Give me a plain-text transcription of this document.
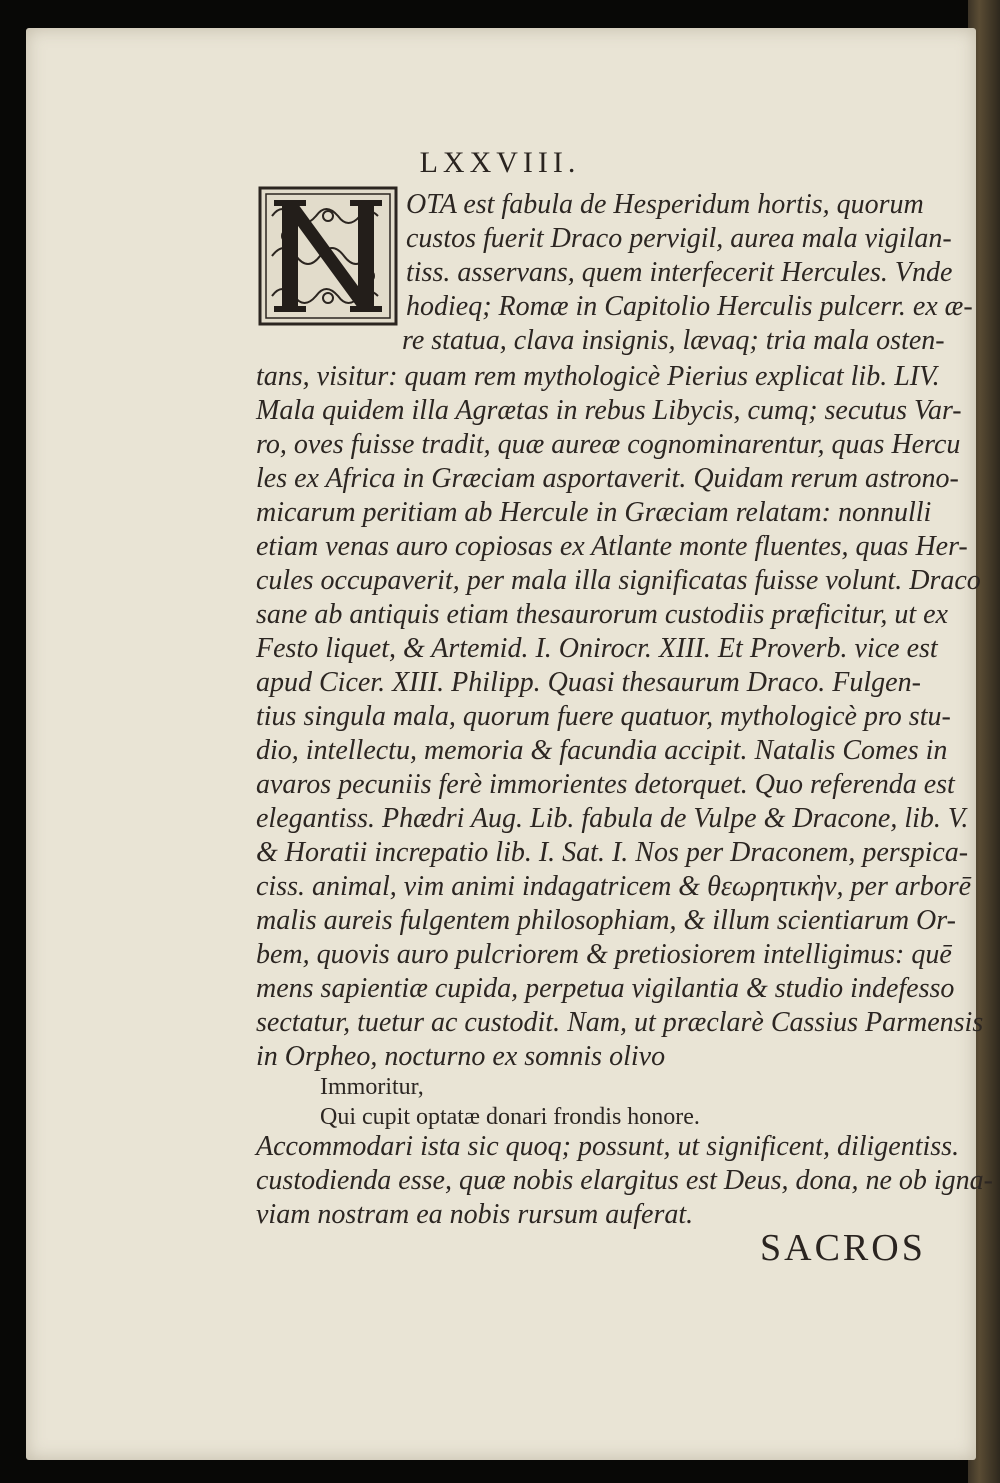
LXXVIII.
OTA est fabula de Hesperidum hortis, quorum
custos fuerit Draco pervigil, aurea mala vigilan-
tiss. asservans, quem interfecerit Hercules. Vnde
hodieq; Romæ in Capitolio Herculis pulcerr. ex æ-
re statua, clava insignis, lævaq; tria mala osten-
tans, visitur: quam rem mythologicè Pierius explicat lib. LIV.
Mala quidem illa Agrætas in rebus Libycis, cumq; secutus Var-
ro, oves fuisse tradit, quæ aureæ cognominarentur, quas Hercu
les ex Africa in Græciam asportaverit. Quidam rerum astrono-
micarum peritiam ab Hercule in Græciam relatam: nonnulli
etiam venas auro copiosas ex Atlante monte fluentes, quas Her-
cules occupaverit, per mala illa significatas fuisse volunt. Draco
sane ab antiquis etiam thesaurorum custodiis præficitur, ut ex
Festo liquet, & Artemid. I. Onirocr. XIII. Et Proverb. vice est
apud Cicer. XIII. Philipp. Quasi thesaurum Draco. Fulgen-
tius singula mala, quorum fuere quatuor, mythologicè pro stu-
dio, intellectu, memoria & facundia accipit. Natalis Comes in
avaros pecuniis ferè immorientes detorquet. Quo referenda est
elegantiss. Phædri Aug. Lib. fabula de Vulpe & Dracone, lib. V.
& Horatii increpatio lib. I. Sat. I. Nos per Draconem, perspica-
ciss. animal, vim animi indagatricem & θεωρητικὴν, per arborē
malis aureis fulgentem philosophiam, & illum scientiarum Or-
bem, quovis auro pulcriorem & pretiosiorem intelligimus: quē
mens sapientiæ cupida, perpetua vigilantia & studio indefesso
sectatur, tuetur ac custodit. Nam, ut præclarè Cassius Parmensis
in Orpheo, nocturno ex somnis olivo
Immoritur,
Qui cupit optatæ donari frondis honore.
Accommodari ista sic quoq; possunt, ut significent, diligentiss.
custodienda esse, quæ nobis elargitus est Deus, dona, ne ob igna-
viam nostram ea nobis rursum auferat.
SACROS
